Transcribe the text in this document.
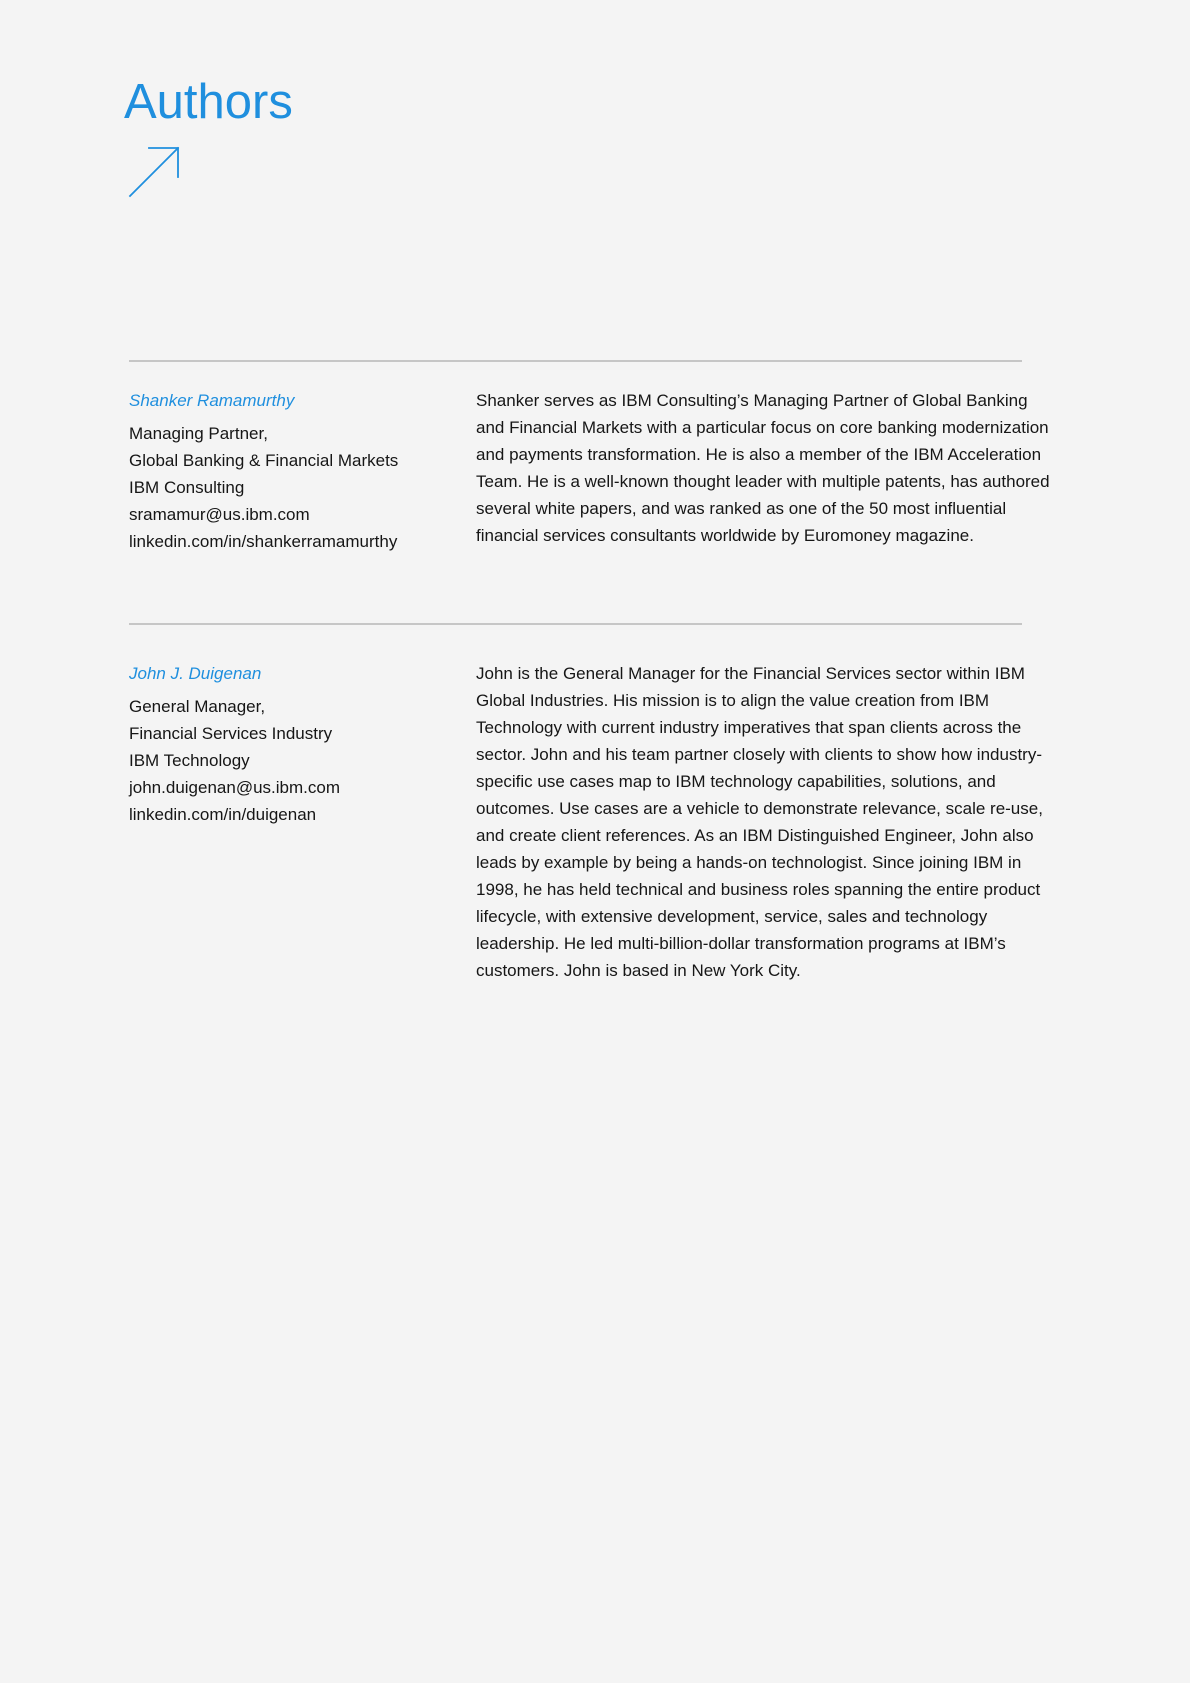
Authors

Shanker Ramamurthy

Managing Partner,

Global Banking & Financial Markets

IBM Consulting

sramamur@us.ibm.com

linkedin.com/in/shankerramamurthy

Shanker serves as IBM Consulting’s Managing Partner of Global Banking and Financial Markets with a particular focus on core banking modernization and payments transformation. He is also a member of the IBM Acceleration Team. He is a well-known thought leader with multiple patents, has authored several white papers, and was ranked as one of the 50 most influential financial services consultants worldwide by Euromoney magazine.

John J. Duigenan

General Manager,

Financial Services Industry

IBM Technology

john.duigenan@us.ibm.com

linkedin.com/in/duigenan

John is the General Manager for the Financial Services sector within IBM Global Industries. His mission is to align the value creation from IBM Technology with current industry imperatives that span clients across the sector. John and his team partner closely with clients to show how industry-specific use cases map to IBM technology capabilities, solutions, and outcomes. Use cases are a vehicle to demonstrate relevance, scale re-use, and create client references. As an IBM Distinguished Engineer, John also leads by example by being a hands-on technologist. Since joining IBM in 1998, he has held technical and business roles spanning the entire product lifecycle, with extensive development, service, sales and technology leadership. He led multi-billion-dollar transformation programs at IBM’s customers. John is based in New York City.
